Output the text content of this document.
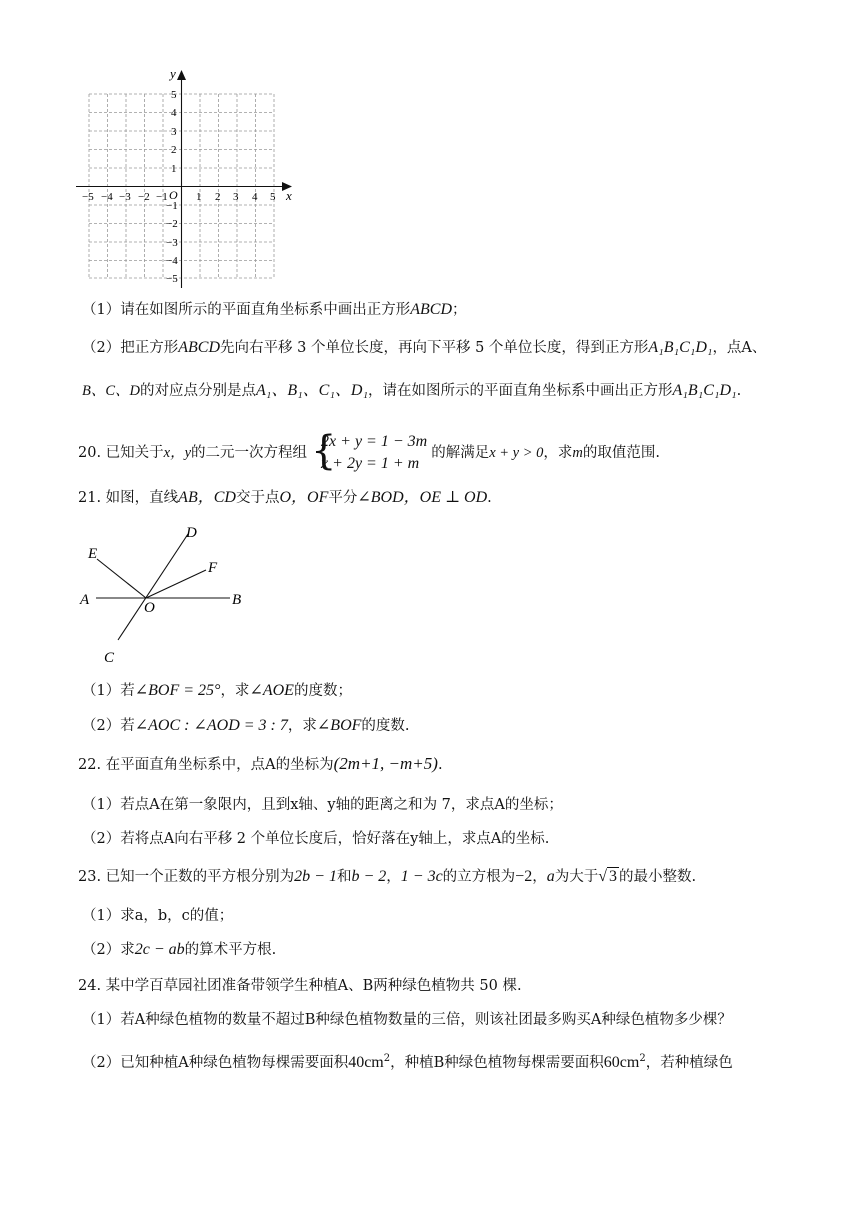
x
y
O
−5 −4 −3 −2 −1	1 2 3 4 5
5
4
3
2
1
−1
−2
−3
−4
−5
（1）请在如图所示的平面直角坐标系中画出正方形ABCD；
（2）把正方形ABCD先向右平移 3 个单位长度，再向下平移 5 个单位长度，得到正方形A₁B₁C₁D₁，点A、
B、C、D的对应点分别是点A₁、B₁、C₁、D₁，请在如图所示的平面直角坐标系中画出正方形A₁B₁C₁D₁.
20. 已知关于x，y的二元一次方程组 {
2x + y = 1 − 3m
x + 2y = 1 + m
的解满足x + y > 0，求m的取值范围.
21. 如图，直线AB，CD交于点O，OF平分∠BOD，OE ⊥ OD.
D
E
F
A	O	B
C
（1）若∠BOF = 25°，求∠AOE的度数；
（2）若∠AOC : ∠AOD = 3 : 7，求∠BOF的度数.
22. 在平面直角坐标系中，点A的坐标为(2m+1, −m+5).
（1）若点A在第一象限内，且到x轴、y轴的距离之和为 7，求点A的坐标；
（2）若将点A向右平移 2 个单位长度后，恰好落在y轴上，求点A的坐标.
23. 已知一个正数的平方根分别为2b − 1和b − 2，1 − 3c的立方根为−2，a为大于√ 3 的最小整数.
（1）求a，b，c的值；
（2）求2c − ab的算术平方根.
24. 某中学百草园社团准备带领学生种植A、B两种绿色植物共 50 棵.
（1）若A种绿色植物的数量不超过B种绿色植物数量的三倍，则该社团最多购买A种绿色植物多少棵？
（2）已知种植A种绿色植物每棵需要面积$40cm^2$，种植B种绿色植物每棵需要面积$60cm^2$，若种植绿色
